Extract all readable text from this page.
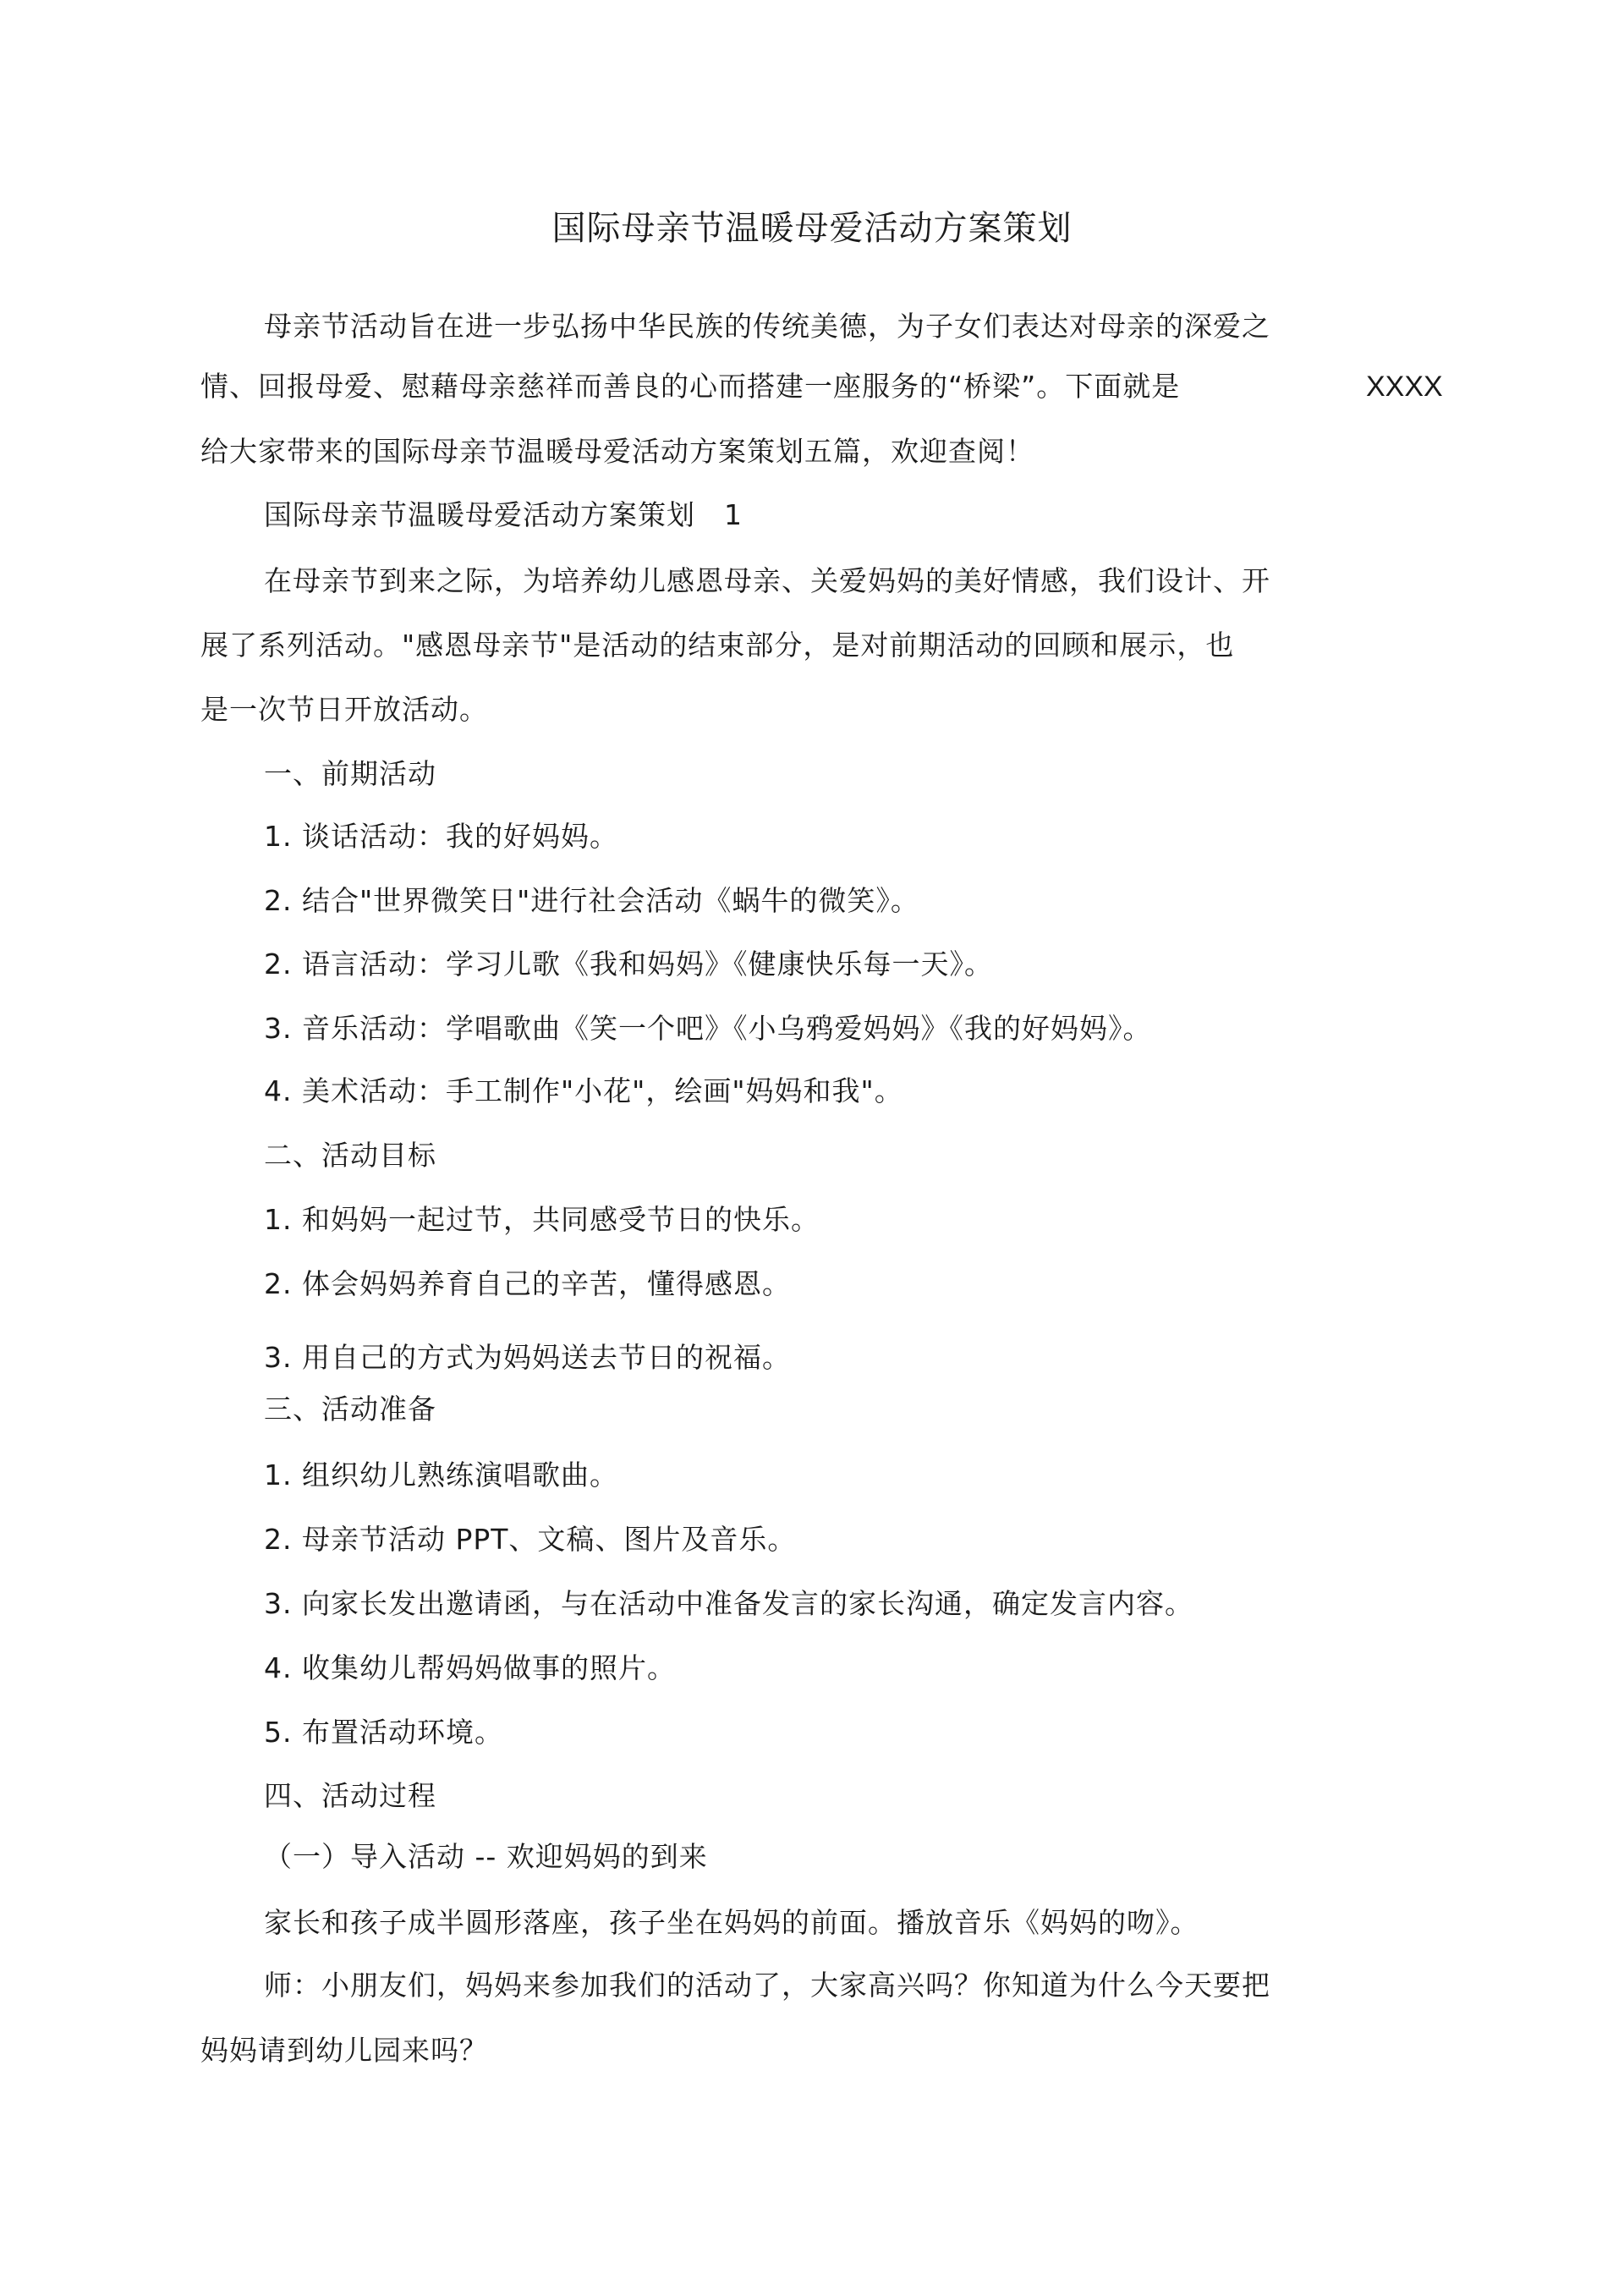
国际母亲节温暖母爱活动方案策划
母亲节活动旨在进一步弘扬中华民族的传统美德，为子女们表达对母亲的深爱之
情、回报母爱、慰藉母亲慈祥而善良的心而搭建一座服务的“桥梁”。下面就是	XXXX
给大家带来的国际母亲节温暖母爱活动方案策划五篇，欢迎查阅！
国际母亲节温暖母爱活动方案策划　1
在母亲节到来之际，为培养幼儿感恩母亲、关爱妈妈的美好情感，我们设计、开
展了系列活动。"感恩母亲节"是活动的结束部分，是对前期活动的回顾和展示，也
是一次节日开放活动。
一、前期活动
1. 谈话活动：我的好妈妈。
2. 结合"世界微笑日"进行社会活动《蜗牛的微笑》。
2. 语言活动：学习儿歌《我和妈妈》《健康快乐每一天》。
3. 音乐活动：学唱歌曲《笑一个吧》《小乌鸦爱妈妈》《我的好妈妈》。
4. 美术活动：手工制作"小花"，绘画"妈妈和我"。
二、活动目标
1. 和妈妈一起过节，共同感受节日的快乐。
2. 体会妈妈养育自己的辛苦，懂得感恩。
3. 用自己的方式为妈妈送去节日的祝福。
三、活动准备
1. 组织幼儿熟练演唱歌曲。
2. 母亲节活动 PPT、文稿、图片及音乐。
3. 向家长发出邀请函，与在活动中准备发言的家长沟通，确定发言内容。
4. 收集幼儿帮妈妈做事的照片。
5. 布置活动环境。
四、活动过程
（一）导入活动 -- 欢迎妈妈的到来
家长和孩子成半圆形落座，孩子坐在妈妈的前面。播放音乐《妈妈的吻》。
师：小朋友们，妈妈来参加我们的活动了，大家高兴吗？你知道为什么今天要把
妈妈请到幼儿园来吗？
